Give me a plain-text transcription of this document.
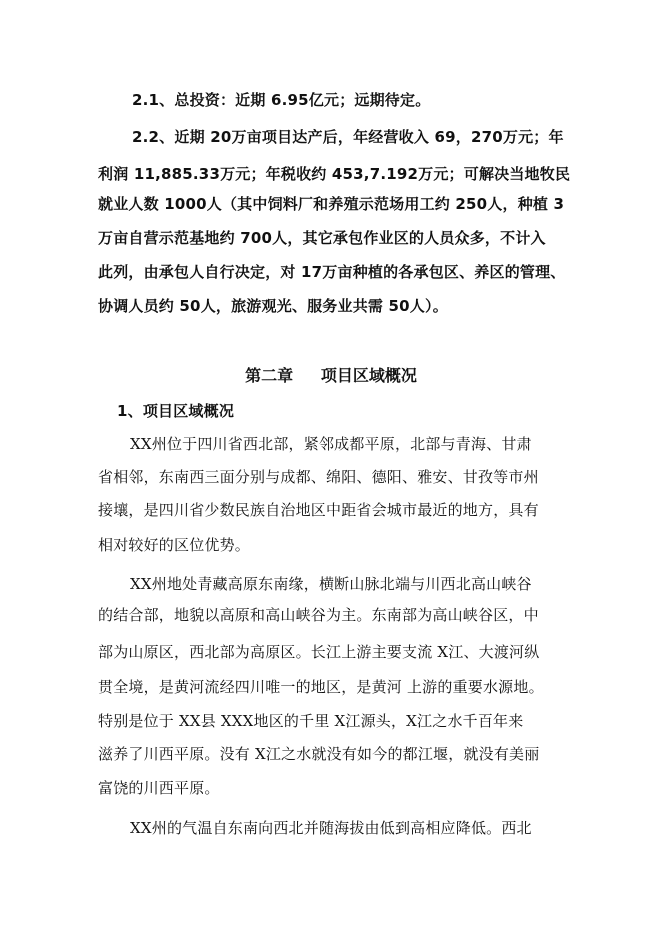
2.1、总投资：近期 6.95亿元；远期待定。
2.2、近期 20万亩项目达产后，年经营收入 69，270万元；年
利润 11,885.33万元；年税收约 453,7.192万元；可解决当地牧民
就业人数 1000人（其中饲料厂和养殖示范场用工约 250人，种植 3
万亩自营示范基地约 700人，其它承包作业区的人员众多，不计入
此列，由承包人自行决定，对 17万亩种植的各承包区、养区的管理、
协调人员约 50人，旅游观光、服务业共需 50人）。
第二章     项目区域概况
1、项目区域概况
XX州位于四川省西北部，紧邻成都平原，北部与青海、甘肃
省相邻，东南西三面分别与成都、绵阳、德阳、雅安、甘孜等市州
接壤，是四川省少数民族自治地区中距省会城市最近的地方，具有
相对较好的区位优势。
XX州地处青藏高原东南缘，横断山脉北端与川西北高山峡谷
的结合部，地貌以高原和高山峡谷为主。东南部为高山峡谷区，中
部为山原区，西北部为高原区。长江上游主要支流 X江、大渡河纵
贯全境，是黄河流经四川唯一的地区，是黄河 上游的重要水源地。
特别是位于 XX县 XXX地区的千里 X江源头，X江之水千百年来
滋养了川西平原。没有 X江之水就没有如今的都江堰，就没有美丽
富饶的川西平原。
XX州的气温自东南向西北并随海拔由低到高相应降低。西北
